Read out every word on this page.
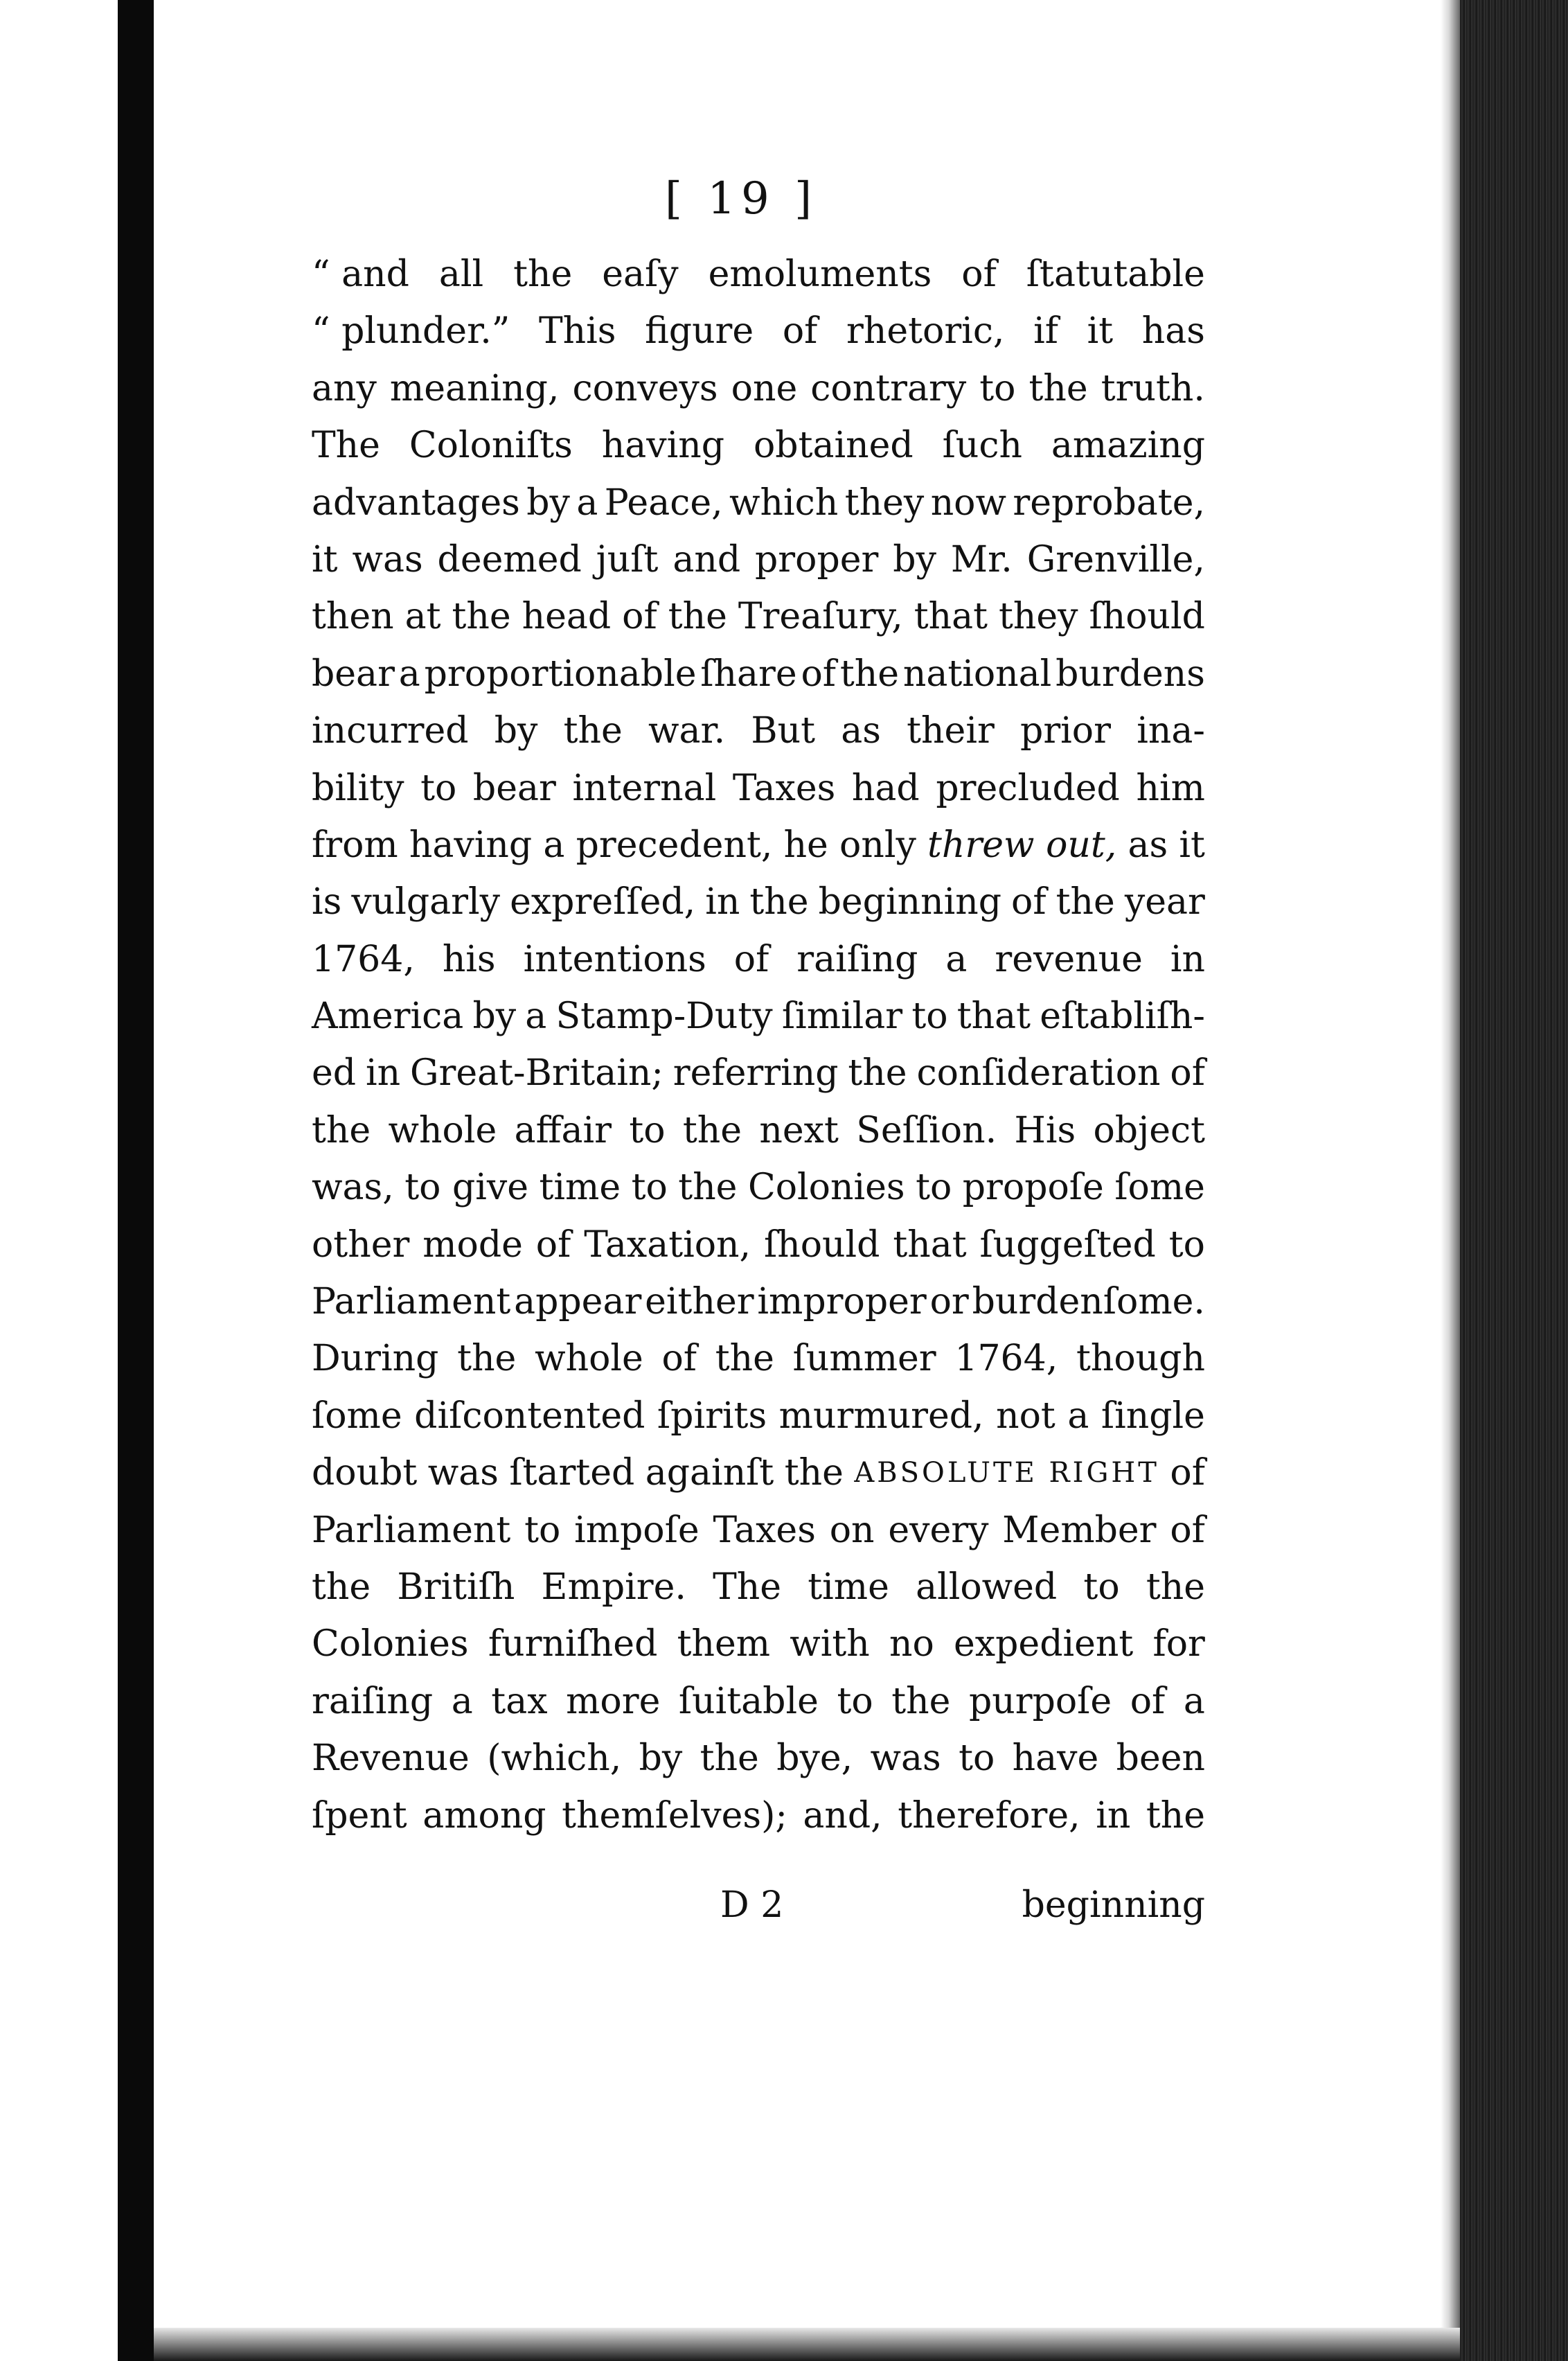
[ 19 ]
“ and all the eaſy emoluments of ſtatutable
“ plunder.” This figure of rhetoric, if it has
any meaning, conveys one contrary to the truth.
The Coloniſts having obtained ſuch amazing
advantages by a Peace, which they now reprobate,
it was deemed juſt and proper by Mr. Grenville,
then at the head of the Treaſury, that they ſhould
bear a proportionable ſhare of the national burdens
incurred by the war. But as their prior ina-
bility to bear internal Taxes had precluded him
from having a precedent, he only threw out, as it
is vulgarly expreſſed, in the beginning of the year
1764, his intentions of raiſing a revenue in
America by a Stamp-Duty ſimilar to that eſtabliſh-
ed in Great-Britain; referring the conſideration of
the whole affair to the next Seſſion. His object
was, to give time to the Colonies to propoſe ſome
other mode of Taxation, ſhould that ſuggeſted to
Parliament appear either improper or burdenſome.
During the whole of the ſummer 1764, though
ſome diſcontented ſpirits murmured, not a ſingle
doubt was ſtarted againſt the ABSOLUTE RIGHT of
Parliament to impoſe Taxes on every Member of
the Britiſh Empire. The time allowed to the
Colonies furniſhed them with no expedient for
raiſing a tax more ſuitable to the purpoſe of a
Revenue (which, by the bye, was to have been
ſpent among themſelves); and, therefore, in the
D 2	beginning
